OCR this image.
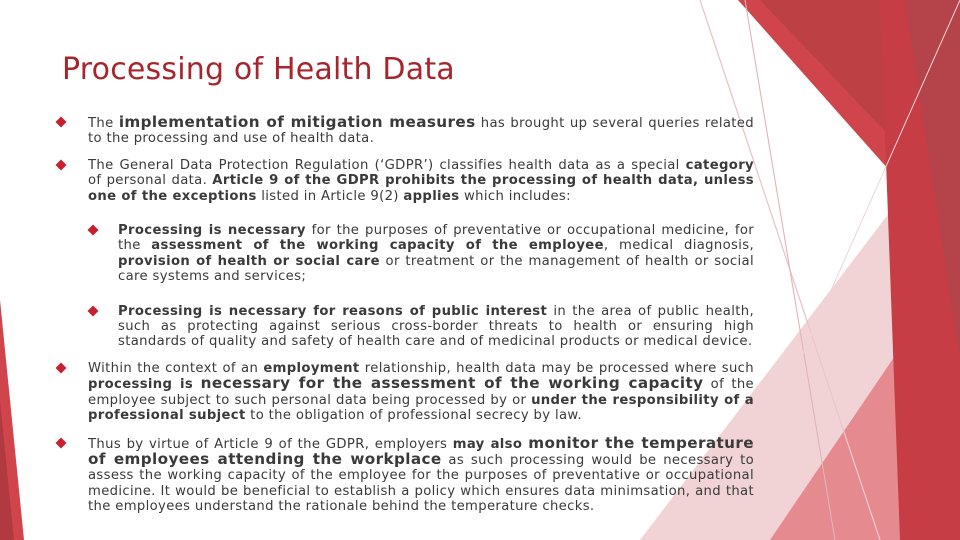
Processing of Health Data
The implementation of mitigation measures has brought up several queries related to the processing and use of health data.
The General Data Protection Regulation (‘GDPR’) classifies health data as a special category of personal data. Article 9 of the GDPR prohibits the processing of health data, unless one of the exceptions listed in Article 9(2) applies which includes:
Processing is necessary for the purposes of preventative or occupational medicine, for the assessment of the working capacity of the employee, medical diagnosis, provision of health or social care or treatment or the management of health or social care systems and services;
Processing is necessary for reasons of public interest in the area of public health, such as protecting against serious cross-border threats to health or ensuring high standards of quality and safety of health care and of medicinal products or medical device.
Within the context of an employment relationship, health data may be processed where such processing is necessary for the assessment of the working capacity of the employee subject to such personal data being processed by or under the responsibility of a professional subject to the obligation of professional secrecy by law.
Thus by virtue of Article 9 of the GDPR, employers may also monitor the temperature of employees attending the workplace as such processing would be necessary to assess the working capacity of the employee for the purposes of preventative or occupational medicine. It would be beneficial to establish a policy which ensures data minimsation, and that the employees understand the rationale behind the temperature checks.
